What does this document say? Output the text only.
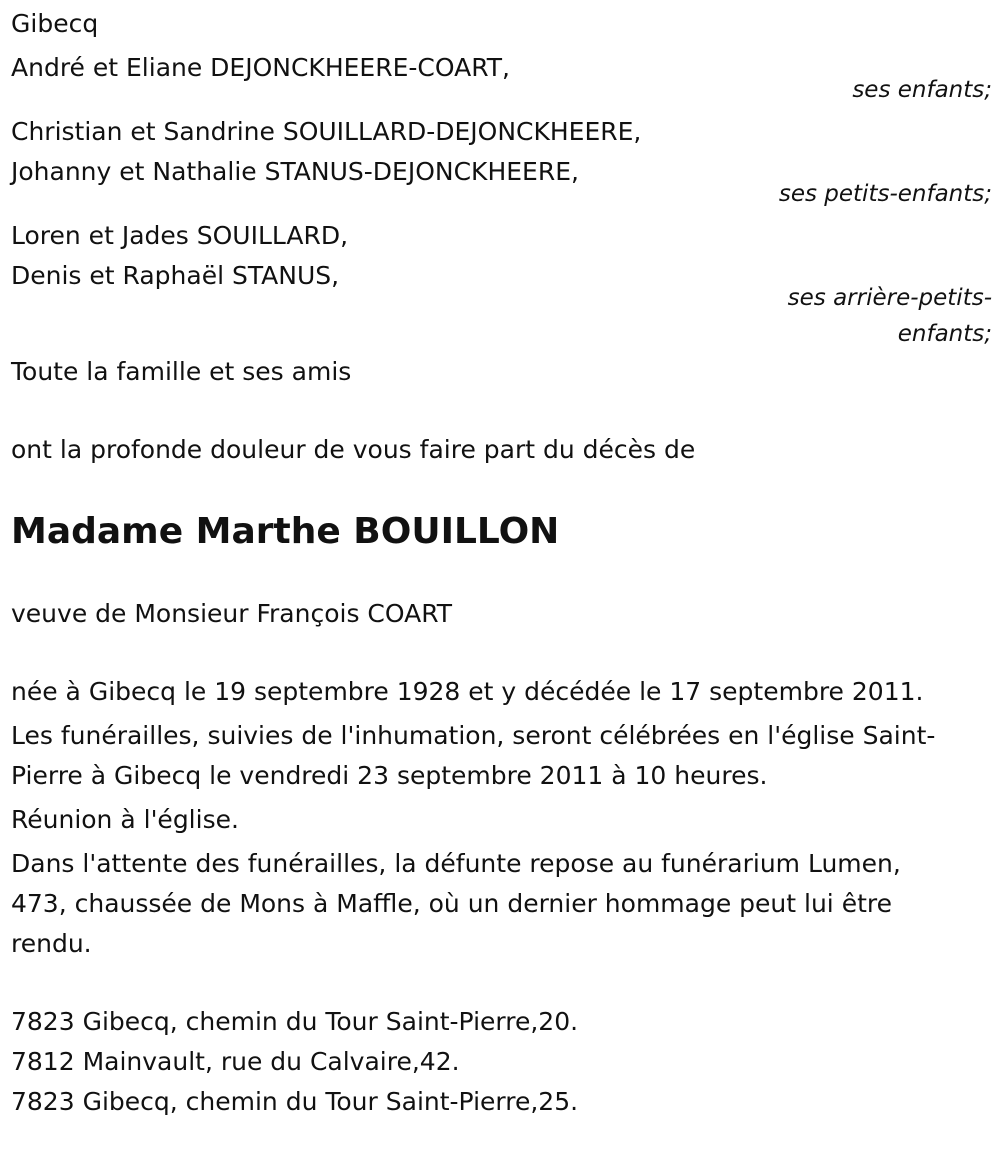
Gibecq
André et Eliane DEJONCKHEERE-COART,
ses enfants;
Christian et Sandrine SOUILLARD-DEJONCKHEERE,
Johanny et Nathalie STANUS-DEJONCKHEERE,
ses petits-enfants;
Loren et Jades SOUILLARD,
Denis et Raphaël STANUS,
ses arrière-petits-
enfants;
Toute la famille et ses amis
ont la profonde douleur de vous faire part du décès de
Madame Marthe BOUILLON
veuve de Monsieur François COART
née à Gibecq le 19 septembre 1928 et y décédée le 17 septembre 2011.
Les funérailles, suivies de l'inhumation, seront célébrées en l'église Saint-
Pierre à Gibecq le vendredi 23 septembre 2011 à 10 heures.
Réunion à l'église.
Dans l'attente des funérailles, la défunte repose au funérarium Lumen,
473, chaussée de Mons à Maffle, où un dernier hommage peut lui être
rendu.
7823 Gibecq, chemin du Tour Saint-Pierre,20.
7812 Mainvault, rue du Calvaire,42.
7823 Gibecq, chemin du Tour Saint-Pierre,25.
